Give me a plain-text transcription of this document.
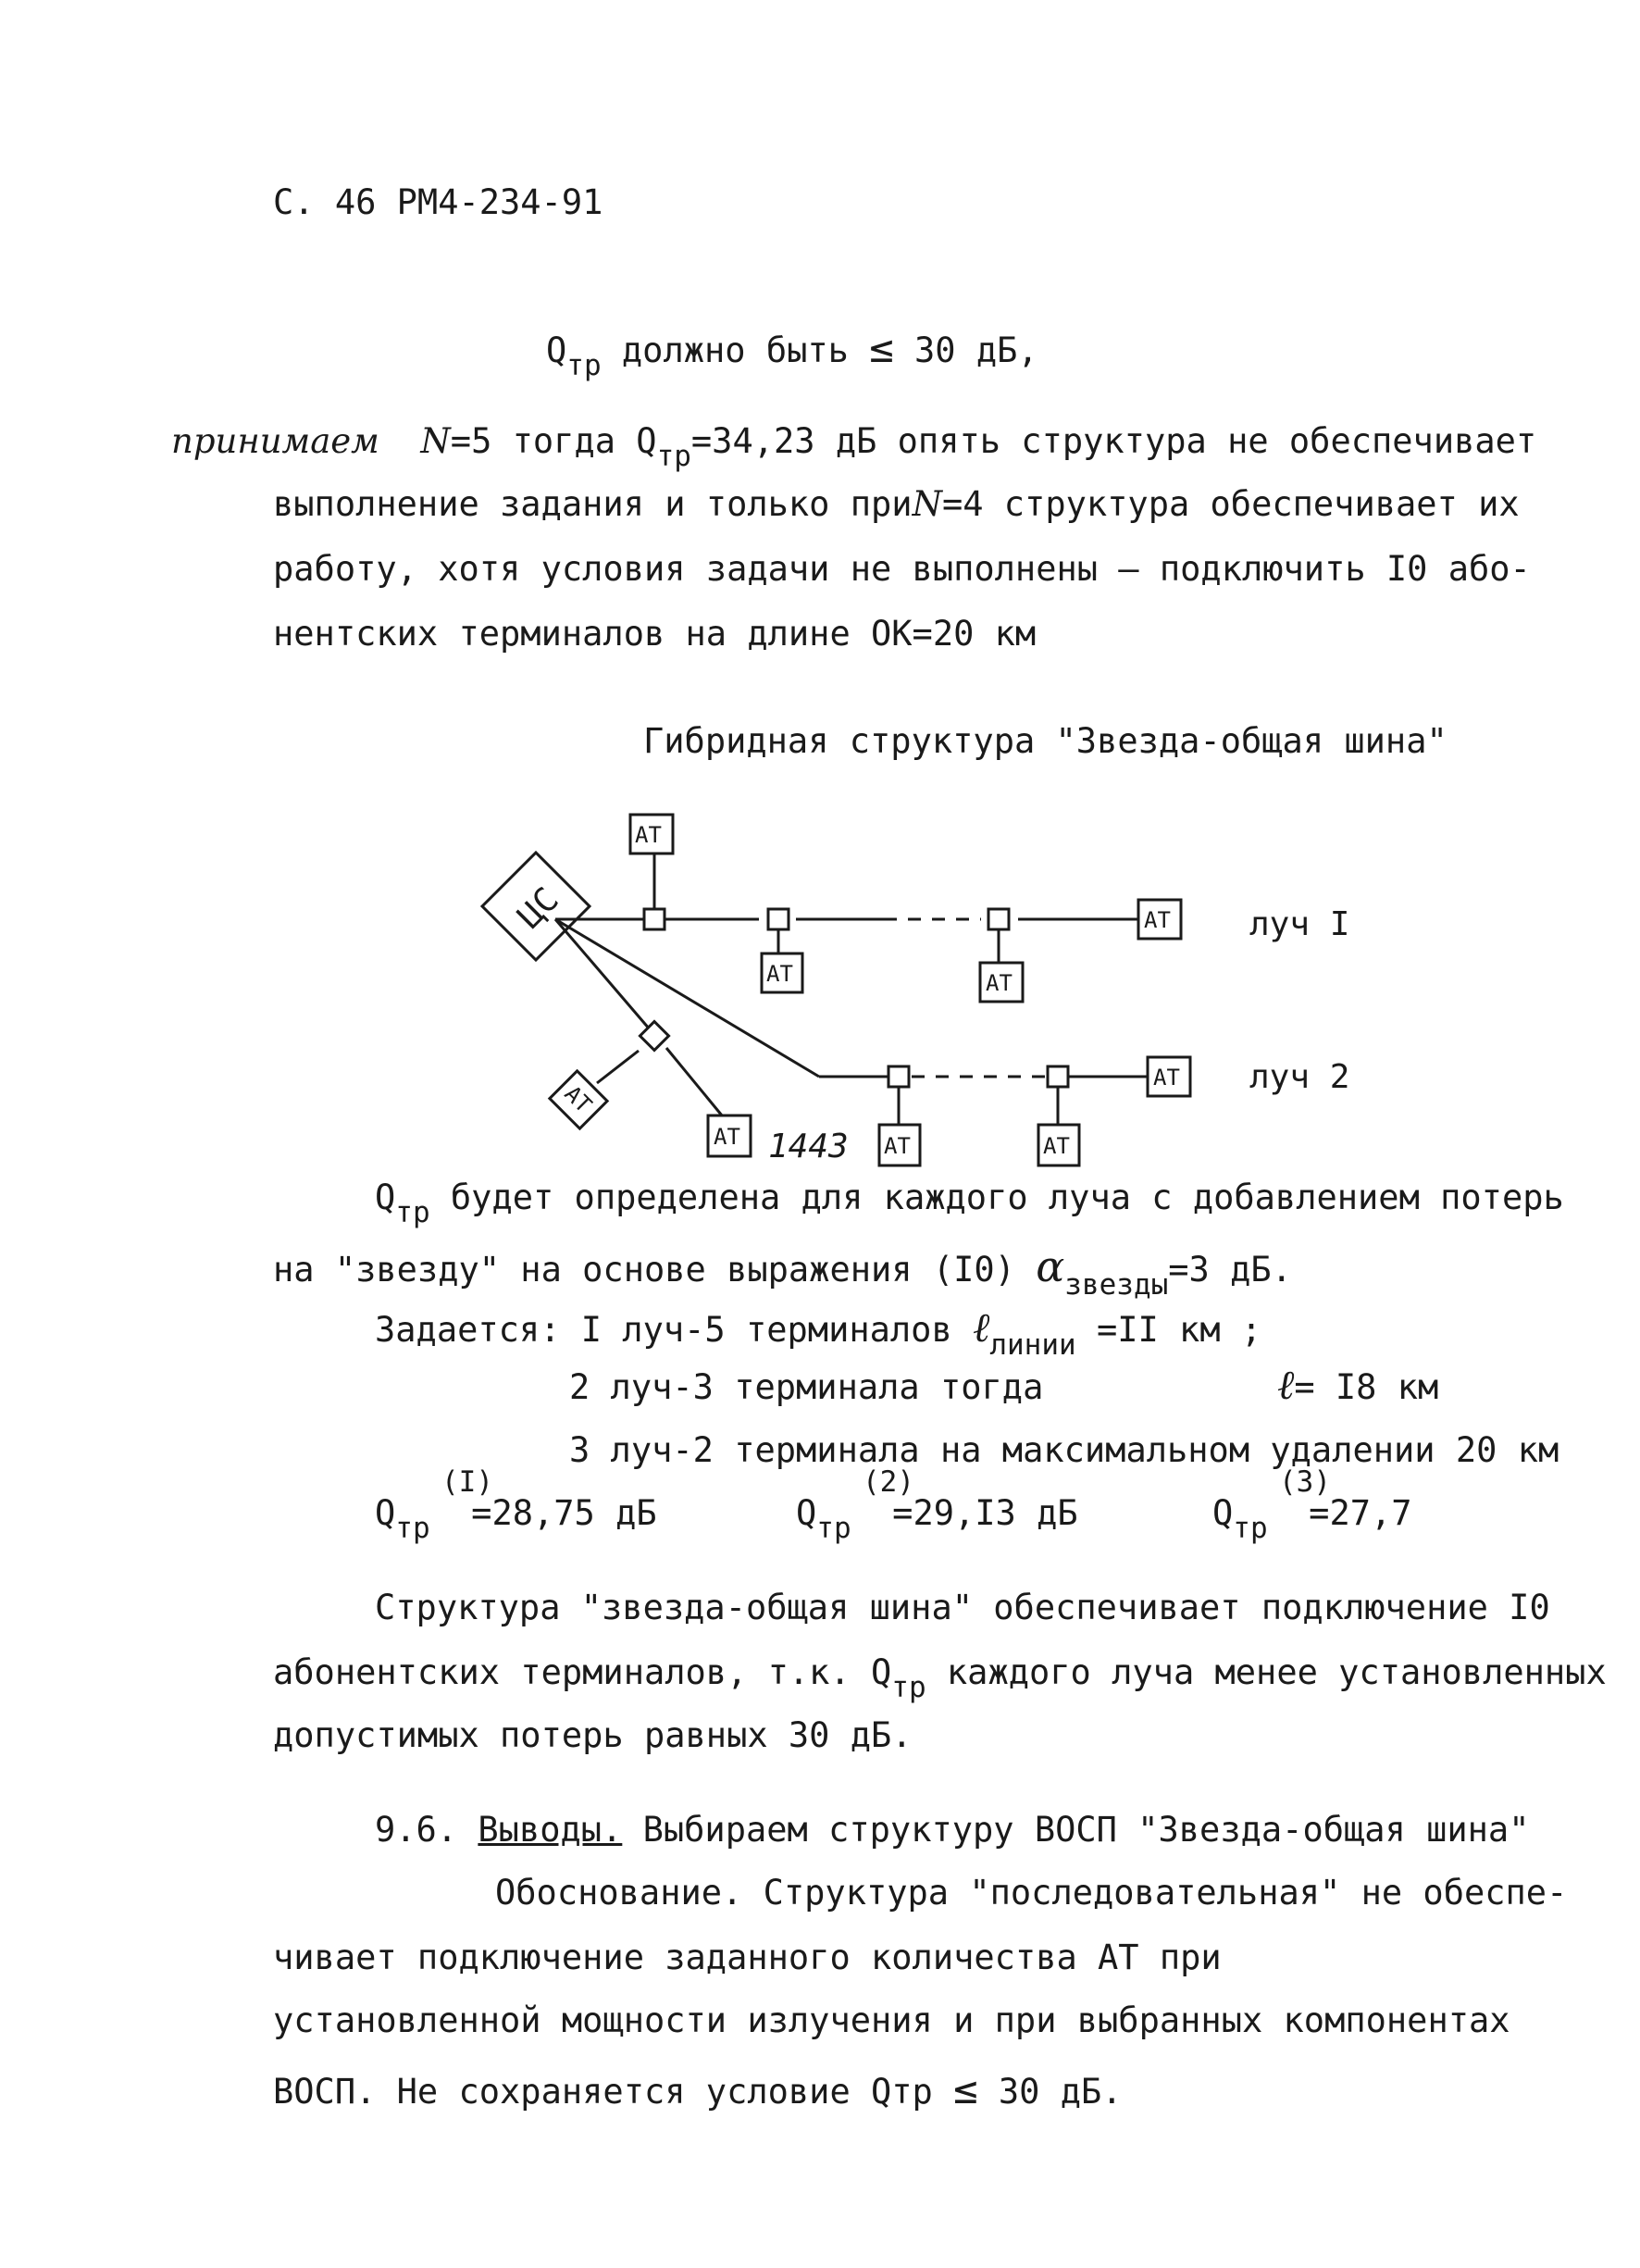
С. 46 РМ4-234-91
$Q_{тр}$ должно быть ≤ 30 дБ,
принимаем N=5 тогда $Q_{тр}=34,23$ дБ опять структура не обеспечивает
выполнение задания и только приN=4 структура обеспечивает их
работу, хотя условия задачи не выполнены – подключить I0 або-
нентских терминалов на длине ОК=20 км
Гибридная структура "Звезда-общая шина"
ЦС
АТ
АТ	АТ
АТ
АТ
АТ	АТ
АТ
АТ
луч I
луч 2
1443
$Q_{тр}$ будет определена для каждого луча с добавлением потерь
на "звезду" на основе выражения (I0) $\alpha_{звезды}=3$ дБ.
Задается: I луч-5 терминалов ℓ$_{линии}$ =II км ;
2 луч-3 терминала тогда	ℓ= I8 км
3 луч-2 терминала на максимальном удалении 20 км
(I)
$Q_{тр} =28,75$ дБ
(2)
$Q_{тр} =29,I3$ дБ
(3)
$Q_{тр} =27,7$
Структура "звезда-общая шина" обеспечивает подключение I0
абонентских терминалов, т.к. $Q_{тр}$ каждого луча менее установленных
допустимых потерь равных 30 дБ.
9.6. Выводы. Выбираем структуру ВОСП "Звезда-общая шина"
Обоснование. Структура "последовательная" не обеспе-
чивает подключение заданного количества АТ при
установленной мощности излучения и при выбранных компонентах
ВОСП. Не сохраняется условие Qтр ≤ 30 дБ.
